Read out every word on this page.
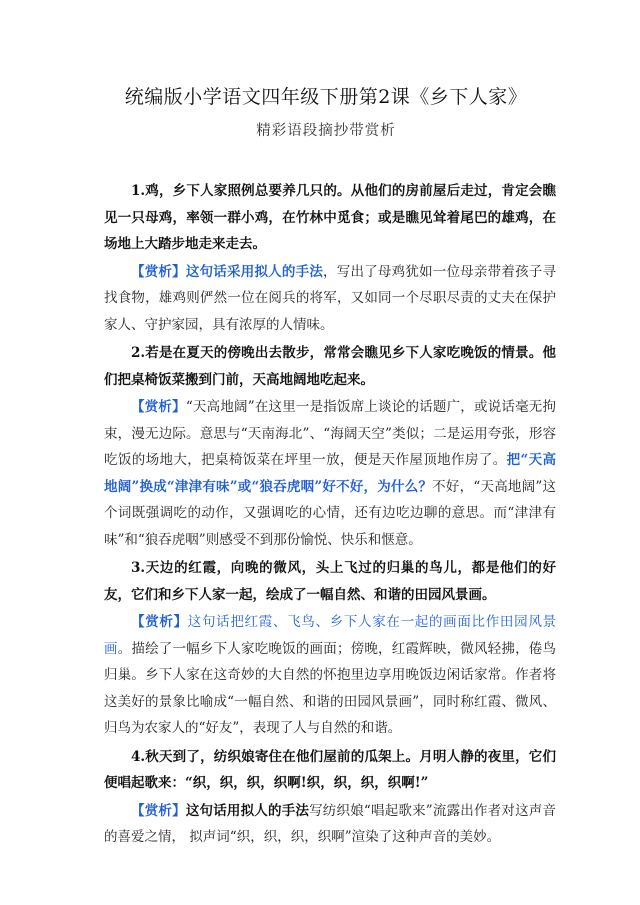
统编版小学语文四年级下册第2课《乡下人家》
精彩语段摘抄带赏析

1.鸡，乡下人家照例总要养几只的。从他们的房前屋后走过，肯定会瞧见一只母鸡，率领一群小鸡，在竹林中觅食；或是瞧见耸着尾巴的雄鸡，在场地上大踏步地走来走去。

【赏析】这句话采用拟人的手法，写出了母鸡犹如一位母亲带着孩子寻找食物，雄鸡则俨然一位在阅兵的将军，又如同一个尽职尽责的丈夫在保护家人、守护家园，具有浓厚的人情味。

2.若是在夏天的傍晚出去散步，常常会瞧见乡下人家吃晚饭的情景。他们把桌椅饭菜搬到门前，天高地阔地吃起来。

【赏析】“天高地阔”在这里一是指饭席上谈论的话题广，或说话毫无拘束，漫无边际。意思与“天南海北”、“海阔天空”类似；二是运用夸张，形容吃饭的场地大，把桌椅饭菜在坪里一放，便是天作屋顶地作房了。把“天高地阔”换成“津津有味”或“狼吞虎咽”好不好，为什么？不好，“天高地阔”这个词既强调吃的动作，又强调吃的心情，还有边吃边聊的意思。而“津津有味”和“狼吞虎咽”则感受不到那份愉悦、快乐和惬意。

3.天边的红霞，向晚的微风，头上飞过的归巢的鸟儿，都是他们的好友，它们和乡下人家一起，绘成了一幅自然、和谐的田园风景画。

【赏析】这句话把红霞、飞鸟、乡下人家在一起的画面比作田园风景画。描绘了一幅乡下人家吃晚饭的画面；傍晚，红霞辉映，微风轻拂，倦鸟归巢。乡下人家在这奇妙的大自然的怀抱里边享用晚饭边闲话家常。作者将这美好的景象比喻成“一幅自然、和谐的田园风景画”，同时称红霞、微风、归鸟为农家人的“好友”，表现了人与自然的和谐。

4.秋天到了，纺织娘寄住在他们屋前的瓜架上。月明人静的夜里，它们便唱起歌来：“织，织，织，织啊!织，织，织，织啊!”

【赏析】这句话用拟人的手法写纺织娘“唱起歌来”流露出作者对这声音的喜爱之情， 拟声词“织，织，织，织啊”渲染了这种声音的美妙。
